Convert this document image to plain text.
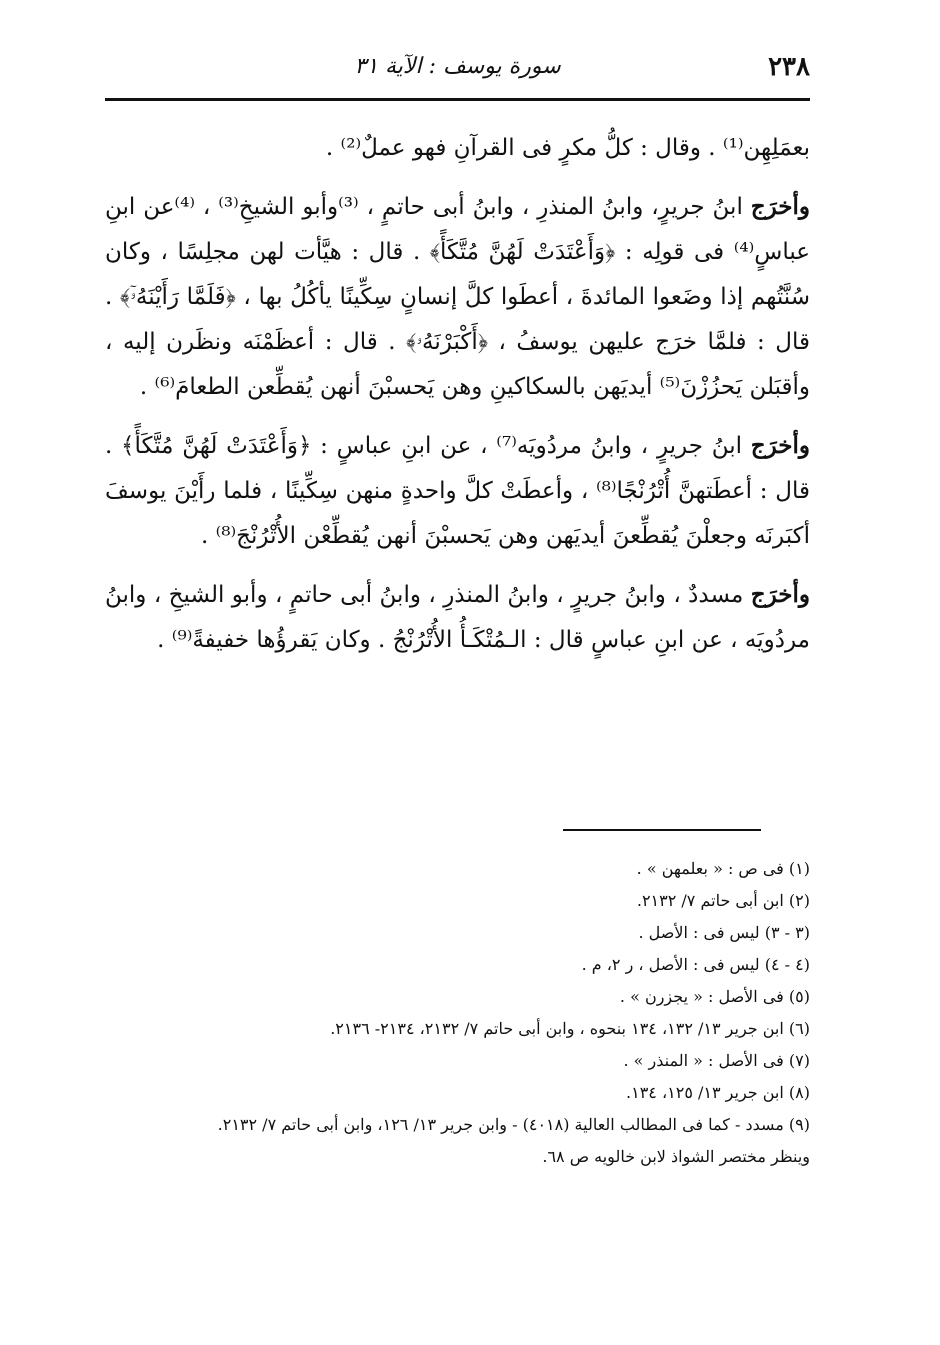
٢٣٨
سورة يوسف : الآية ٣١

بعمَلِهِن⁽¹⁾ . وقال : كلُّ مكرٍ فى القرآنِ فهو عملٌ⁽²⁾ .

وأخرَج ابنُ جريرٍ، وابنُ المنذرِ ، وابنُ أبى حاتمٍ ، ⁽³⁾وأبو الشيخِ⁽³⁾ ، ⁽⁴⁾عن ابنِ عباسٍ⁽⁴⁾ فى قولِه : ﴿وَأَعْتَدَتْ لَهُنَّ مُتَّكَأً﴾ . قال : هيَّأت لهن مجلِسًا ، وكان سُنَّتُهم إذا وضَعوا المائدةَ ، أعطَوا كلَّ إنسانٍ سِكِّينًا يأكُلُ بها ، ﴿فَلَمَّا رَأَيْنَهُۥٓ﴾ . قال : فلمَّا خرَج عليهن يوسفُ ، ﴿أَكْبَرْنَهُۥ﴾ . قال : أعظَمْنَه ونظَرن إليه ، وأقبَلن يَحزُزْنَ⁽⁵⁾ أيديَهن بالسكاكينِ وهن يَحسبْنَ أنهن يُقطِّعن الطعامَ⁽⁶⁾ .

وأخرَج ابنُ جريرٍ ، وابنُ مردُويَه⁽⁷⁾ ، عن ابنِ عباسٍ : ﴿وَأَعْتَدَتْ لَهُنَّ مُتَّكَأً﴾ . قال : أعطَتهنَّ أُتْرُنْجًا⁽⁸⁾ ، وأعطَتْ كلَّ واحدةٍ منهن سِكِّينًا ، فلما رأَيْنَ يوسفَ أكبَرنَه وجعلْنَ يُقطِّعنَ أيديَهن وهن يَحسبْنَ أنهن يُقطِّعْن الأُتْرُنْجَ⁽⁸⁾ .

وأخرَج مسددٌ ، وابنُ جريرٍ ، وابنُ المنذرِ ، وابنُ أبى حاتمٍ ، وأبو الشيخِ ، وابنُ مردُويَه ، عن ابنِ عباسٍ قال : الـمُتْكَـأُ الأُتْرُنْجُ . وكان يَقرؤُها خفيفةً⁽⁹⁾ .

(١) فى ص : « بعلمهن » .

(٢) ابن أبى حاتم ٧/ ٢١٣٢.

(٣ - ٣) ليس فى : الأصل .

(٤ - ٤) ليس فى : الأصل ، ر ٢، م .

(٥) فى الأصل : « يجزرن » .

(٦) ابن جرير ١٣/ ١٣٢، ١٣٤ بنحوه ، وابن أبى حاتم ٧/ ٢١٣٢، ٢١٣٤- ٢١٣٦.

(٧) فى الأصل : « المنذر » .

(٨) ابن جرير ١٣/ ١٢٥، ١٣٤.

(٩) مسدد - كما فى المطالب العالية (٤٠١٨) - وابن جرير ١٣/ ١٢٦، وابن أبى حاتم ٧/ ٢١٣٢.

وينظر مختصر الشواذ لابن خالويه ص ٦٨.
